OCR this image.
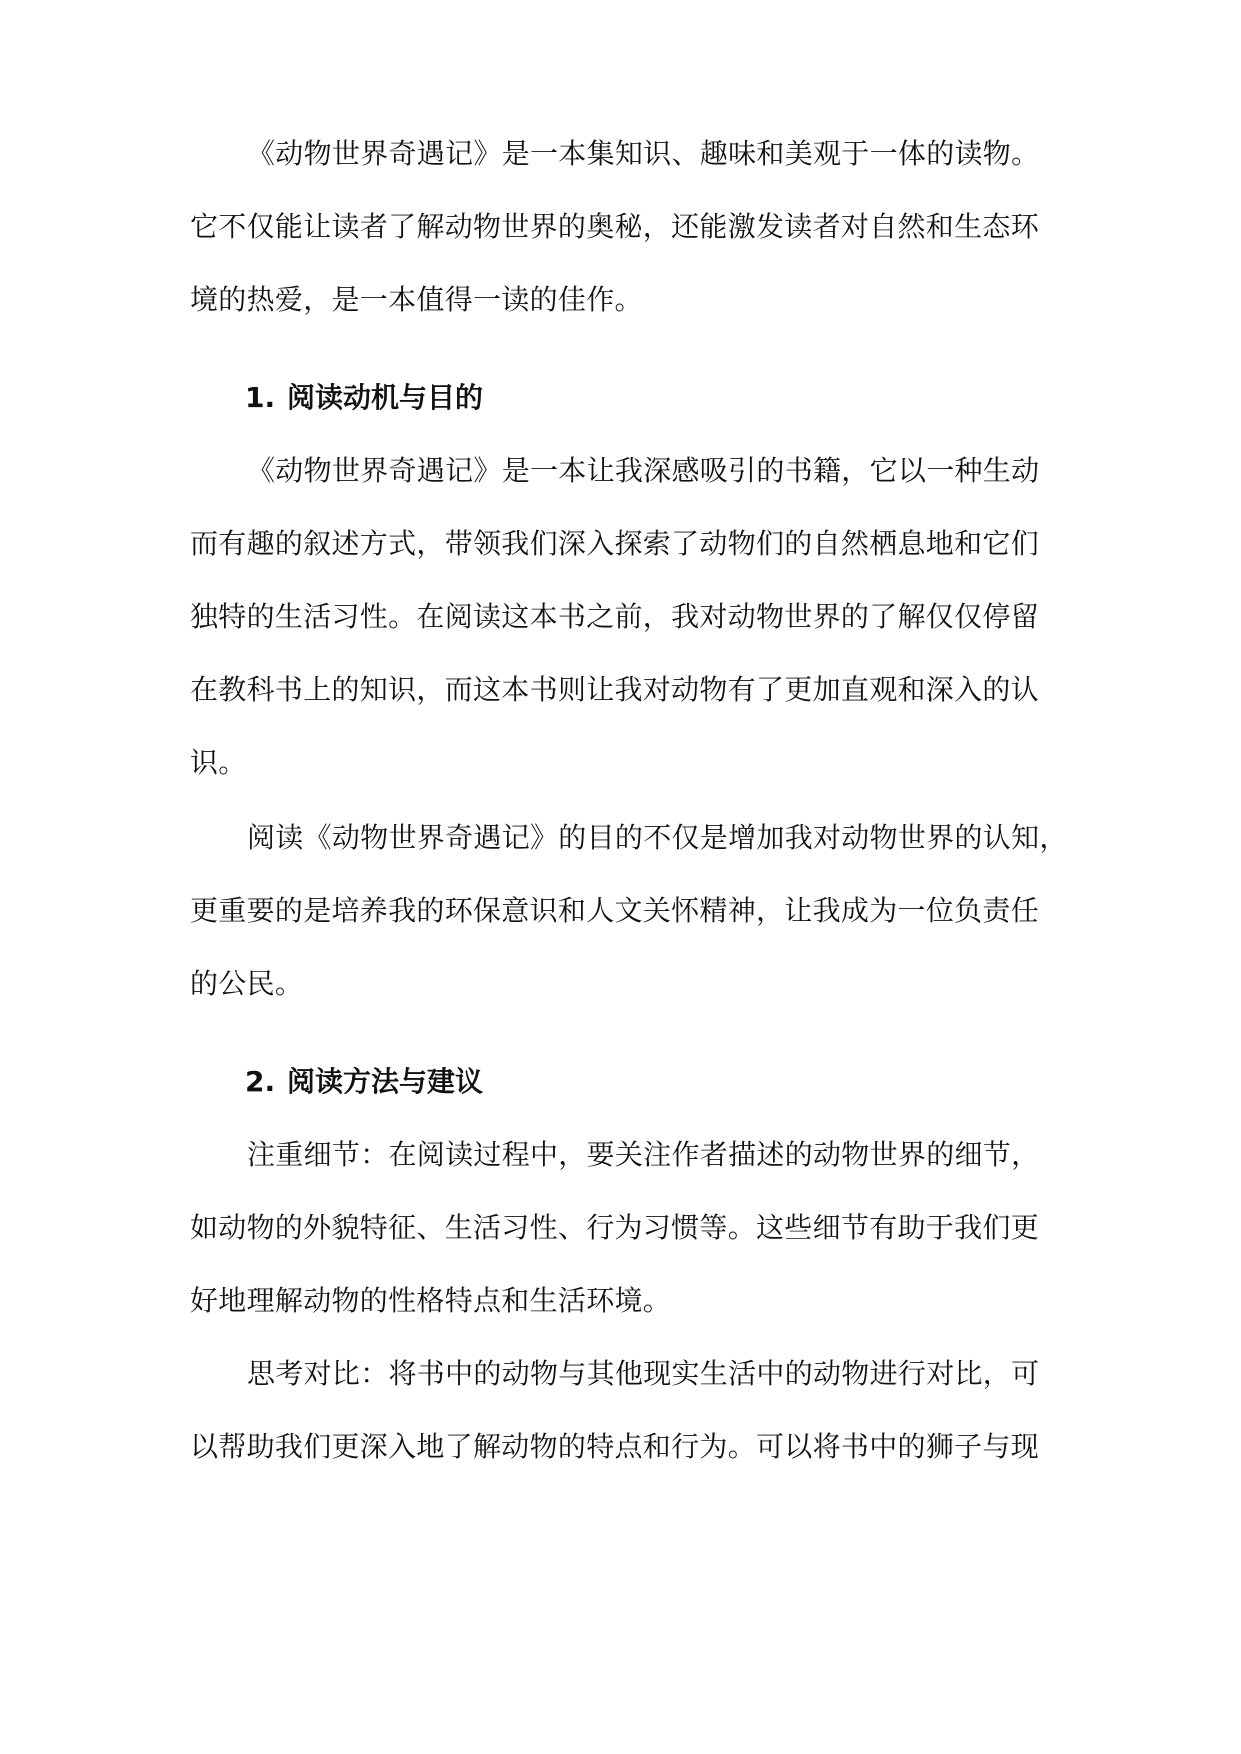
《动物世界奇遇记》是一本集知识、趣味和美观于一体的读物。
它不仅能让读者了解动物世界的奥秘，还能激发读者对自然和生态环
境的热爱，是一本值得一读的佳作。
1. 阅读动机与目的
《动物世界奇遇记》是一本让我深感吸引的书籍，它以一种生动
而有趣的叙述方式，带领我们深入探索了动物们的自然栖息地和它们
独特的生活习性。在阅读这本书之前，我对动物世界的了解仅仅停留
在教科书上的知识，而这本书则让我对动物有了更加直观和深入的认
识。
阅读《动物世界奇遇记》的目的不仅是增加我对动物世界的认知，
更重要的是培养我的环保意识和人文关怀精神，让我成为一位负责任
的公民。
2. 阅读方法与建议
注重细节：在阅读过程中，要关注作者描述的动物世界的细节，
如动物的外貌特征、生活习性、行为习惯等。这些细节有助于我们更
好地理解动物的性格特点和生活环境。
思考对比：将书中的动物与其他现实生活中的动物进行对比，可
以帮助我们更深入地了解动物的特点和行为。可以将书中的狮子与现
